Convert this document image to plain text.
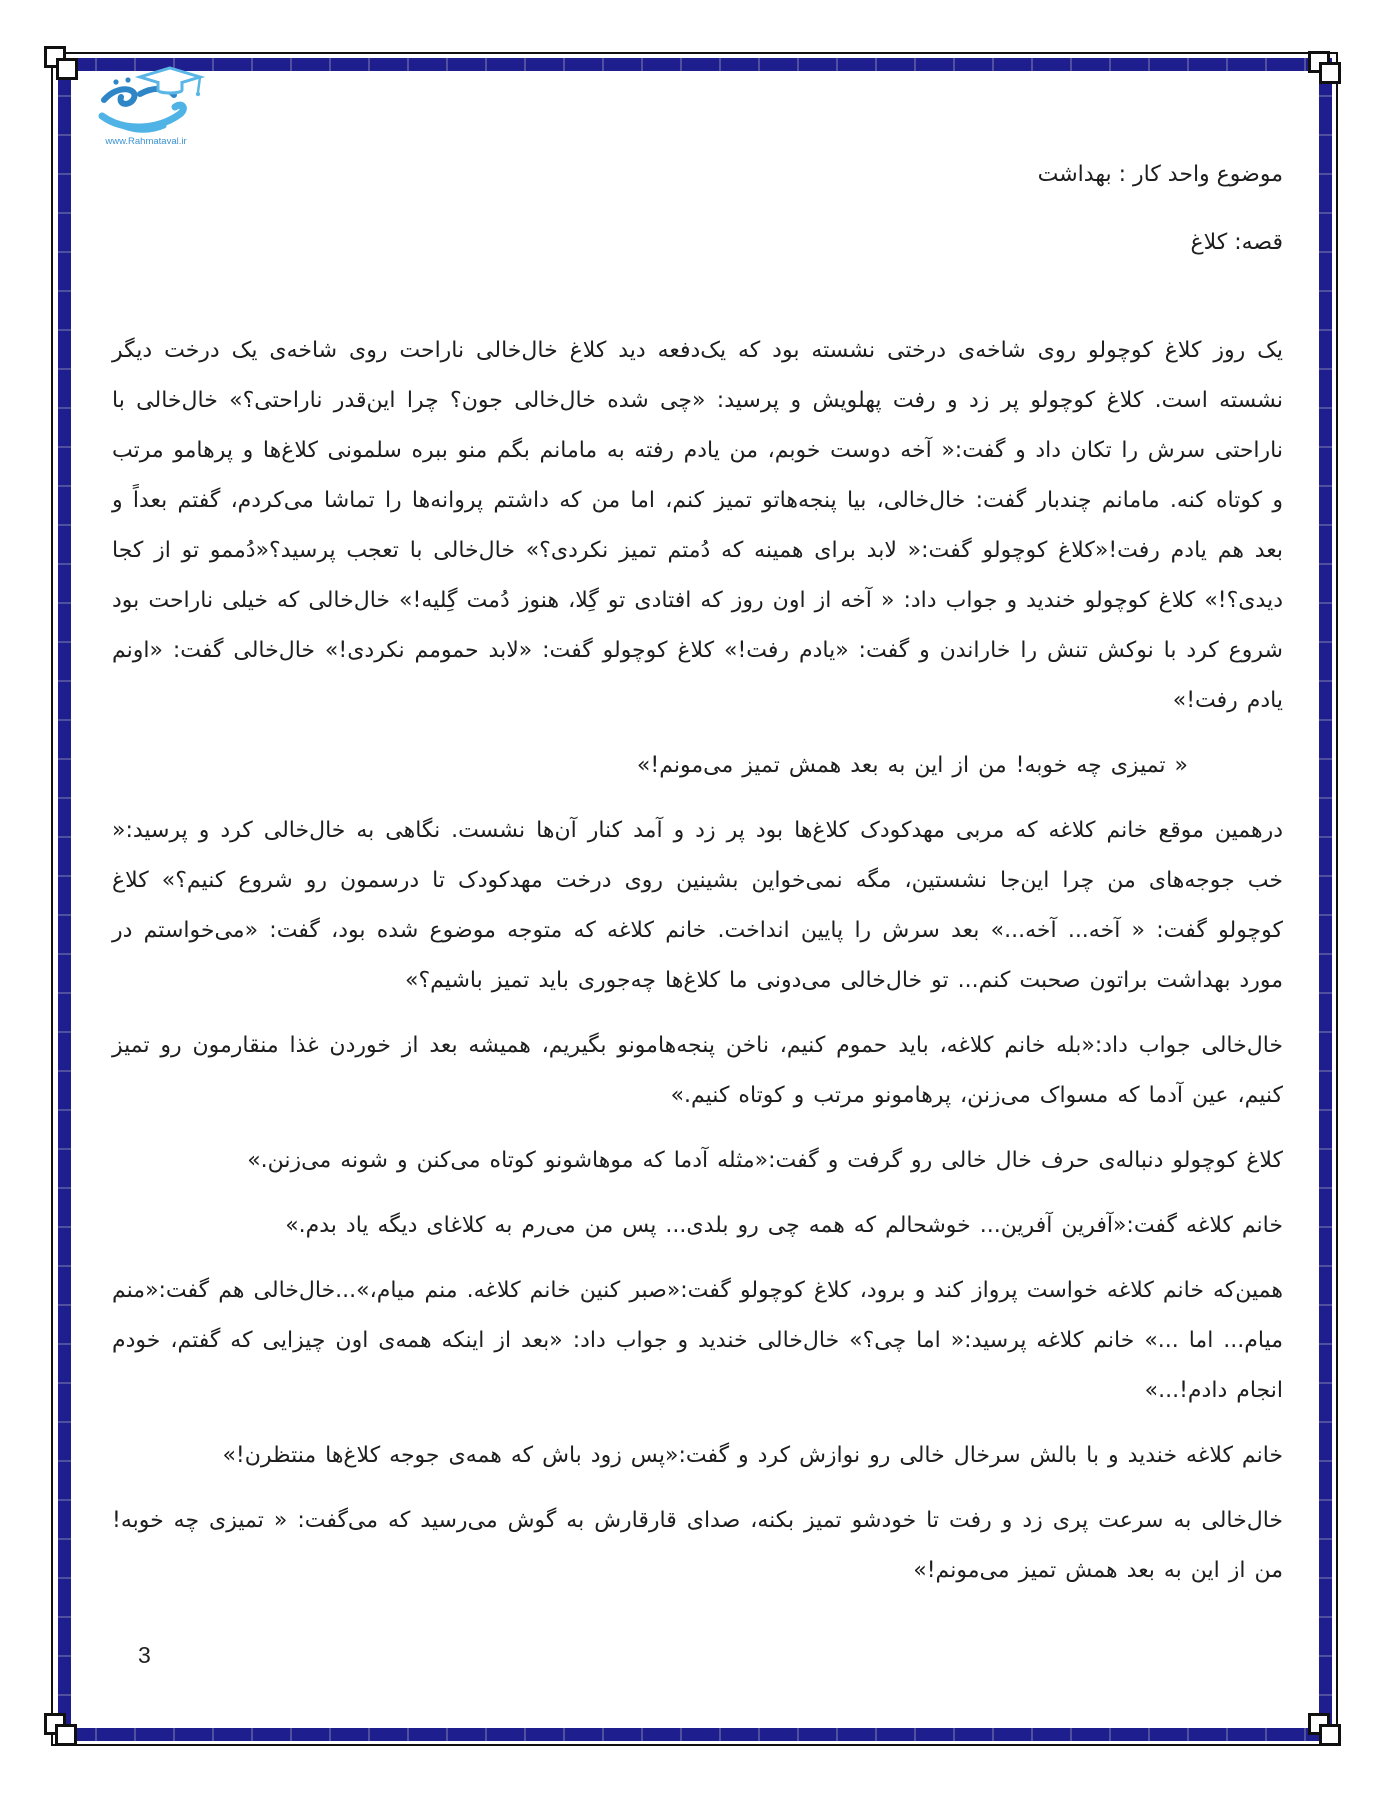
www.Rahmataval.ir
موضوع واحد کار : بهداشت
قصه: کلاغ

یک روز کلاغ کوچولو روی شاخه‌ی درختی نشسته بود که یک‌دفعه دید کلاغ خال‌خالی ناراحت روی شاخه‌ی یک درخت دیگر نشسته است. کلاغ کوچولو پر زد و رفت پهلویش و پرسید: «چی شده خال‌خالی جون؟ چرا این‌قدر ناراحتی؟» خال‌خالی با ناراحتی سرش را تکان داد و گفت:« آخه دوست خوبم، من یادم رفته به مامانم بگم منو ببره سلمونی کلاغ‌ها و پرهامو مرتب و کوتاه کنه. مامانم چندبار گفت: خال‌خالی، بیا پنجه‌هاتو تمیز کنم، اما من که داشتم پروانه‌ها را تماشا می‌کردم، گفتم بعداً و بعد هم یادم رفت!«کلاغ کوچولو گفت:« لابد برای همینه که دُمتم تمیز نکردی؟» خال‌خالی با تعجب پرسید؟«دُممو تو از کجا دیدی؟!» کلاغ کوچولو خندید و جواب داد: « آخه از اون روز که افتادی تو گِلا، هنوز دُمت گِلیه!» خال‌خالی که خیلی ناراحت بود شروع کرد با نوکش تنش را خاراندن و گفت: «یادم رفت!» کلاغ کوچولو گفت: «لابد حمومم نکردی!» خال‌خالی گفت: «اونم یادم رفت!»

« تمیزی چه خوبه! من از این به بعد همش تمیز می‌مونم!»

درهمین موقع خانم کلاغه که مربی مهدکودک کلاغ‌ها بود پر زد و آمد کنار آن‌ها نشست. نگاهی به خال‌خالی کرد و پرسید:« خب جوجه‌های من چرا این‌جا نشستین، مگه نمی‌خواین بشینین روی درخت مهدکودک تا درسمون رو شروع کنیم؟» کلاغ کوچولو گفت: « آخه... آخه...» بعد سرش را پایین انداخت. خانم کلاغه که متوجه موضوع شده بود، گفت: «می‌خواستم در مورد بهداشت براتون صحبت کنم... تو خال‌خالی می‌دونی ما کلاغ‌ها چه‌جوری باید تمیز باشیم؟»

خال‌خالی جواب داد:«بله خانم کلاغه، باید حموم کنیم، ناخن پنجه‌هامونو بگیریم، همیشه بعد از خوردن غذا منقارمون رو تمیز کنیم، عین آدما که مسواک می‌زنن، پرهامونو مرتب و کوتاه کنیم.»

کلاغ کوچولو دنباله‌ی حرف خال خالی رو گرفت و گفت:«مثله آدما که موهاشونو کوتاه می‌کنن و شونه می‌زنن.»

خانم کلاغه گفت:«آفرین آفرین... خوشحالم که همه چی رو بلدی... پس من می‌رم به کلاغای دیگه یاد بدم.»

همین‌که خانم کلاغه خواست پرواز کند و برود، کلاغ کوچولو گفت:«صبر کنین خانم کلاغه. منم میام،»...خال‌خالی هم گفت:«منم میام... اما ...» خانم کلاغه پرسید:« اما چی؟» خال‌خالی خندید و جواب داد: «بعد از اینکه همه‌ی اون چیزایی که گفتم، خودم انجام دادم!...»

خانم کلاغه خندید و با بالش سرخال خالی رو نوازش کرد و گفت:«پس زود باش که همه‌ی جوجه کلاغ‌ها منتظرن!»

خال‌خالی به سرعت پری زد و رفت تا خودشو تمیز بکنه، صدای قارقارش به گوش می‌رسید که می‌گفت: « تمیزی چه خوبه! من از این به بعد همش تمیز می‌مونم!»

3
